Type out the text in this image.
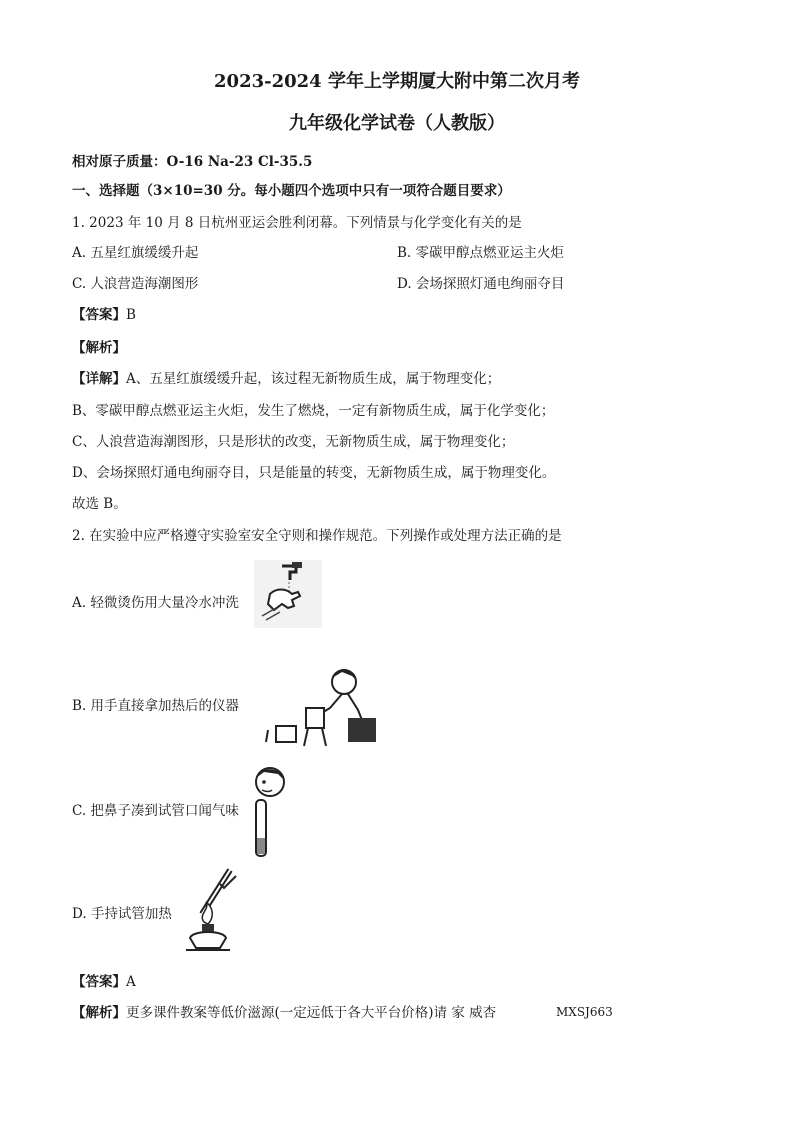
2023-2024 学年上学期厦大附中第二次月考
九年级化学试卷（人教版）
相对原子质量：O-16 Na-23 Cl-35.5
一、选择题（3×10=30 分。每小题四个选项中只有一项符合题目要求）
1. 2023 年 10 月 8 日杭州亚运会胜利闭幕。下列情景与化学变化有关的是
A. 五星红旗缓缓升起	B. 零碳甲醇点燃亚运主火炬
C. 人浪营造海潮图形	D. 会场探照灯通电绚丽夺目
【答案】B
【解析】
【详解】A、五星红旗缓缓升起，该过程无新物质生成，属于物理变化；
B、零碳甲醇点燃亚运主火炬，发生了燃烧，一定有新物质生成，属于化学变化；
C、人浪营造海潮图形，只是形状的改变，无新物质生成，属于物理变化；
D、会场探照灯通电绚丽夺目，只是能量的转变，无新物质生成，属于物理变化。
故选 B。
2. 在实验中应严格遵守实验室安全守则和操作规范。下列操作或处理方法正确的是
A. 轻微烫伤用大量冷水冲洗
B. 用手直接拿加热后的仪器
C. 把鼻子凑到试管口闻气味
D. 手持试管加热
【答案】A
【解析】更多课件教案等低价滋源(一定远低于各大平台价格)请 家 威杏	MXSJ663
